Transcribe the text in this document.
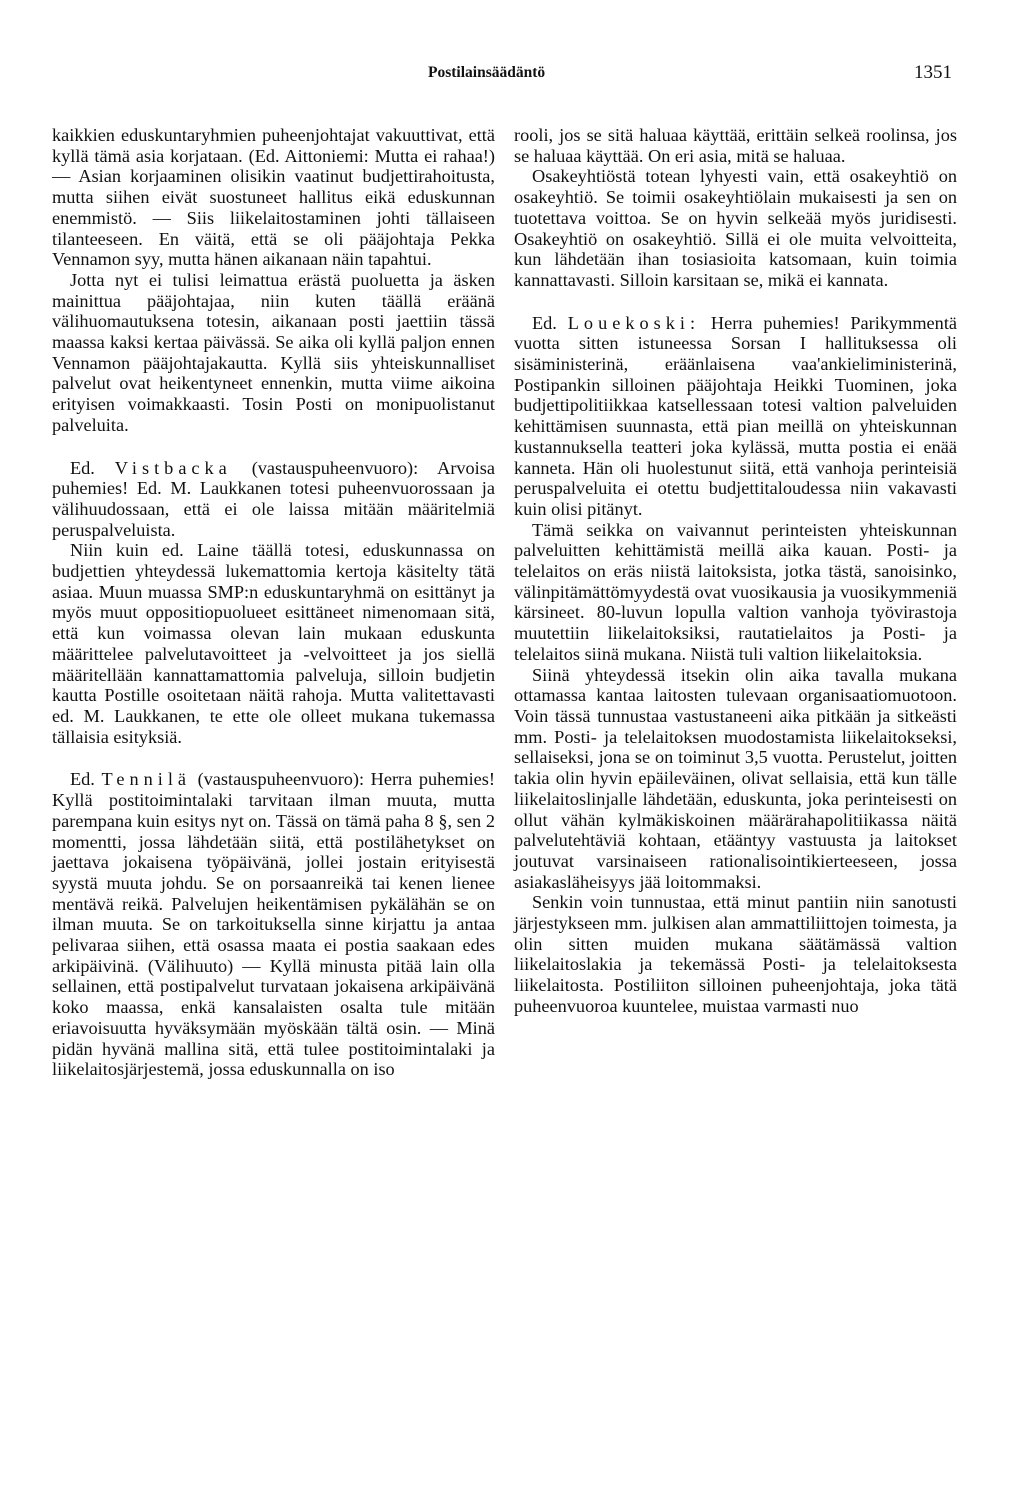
Postilainsäädäntö	1351

kaikkien eduskuntaryhmien puheenjohtajat vakuuttivat, että kyllä tämä asia korjataan. (Ed. Aittoniemi: Mutta ei rahaa!) — Asian korjaaminen olisikin vaatinut budjettirahoitusta, mutta siihen eivät suostuneet hallitus eikä eduskunnan enemmistö. — Siis liikelaitostaminen johti tällaiseen tilanteeseen. En väitä, että se oli pääjohtaja Pekka Vennamon syy, mutta hänen aikanaan näin tapahtui.

Jotta nyt ei tulisi leimattua erästä puoluetta ja äsken mainittua pääjohtajaa, niin kuten täällä eräänä välihuomautuksena totesin, aikanaan posti jaettiin tässä maassa kaksi kertaa päivässä. Se aika oli kyllä paljon ennen Vennamon pääjohtajakautta. Kyllä siis yhteiskunnalliset palvelut ovat heikentyneet ennenkin, mutta viime aikoina erityisen voimakkaasti. Tosin Posti on monipuolistanut palveluita.

Ed. Vistbacka (vastauspuheenvuoro): Arvoisa puhemies! Ed. M. Laukkanen totesi puheenvuorossaan ja välihuudossaan, että ei ole laissa mitään määritelmiä peruspalveluista.

Niin kuin ed. Laine täällä totesi, eduskunnassa on budjettien yhteydessä lukemattomia kertoja käsitelty tätä asiaa. Muun muassa SMP:n eduskuntaryhmä on esittänyt ja myös muut oppositiopuolueet esittäneet nimenomaan sitä, että kun voimassa olevan lain mukaan eduskunta määrittelee palvelutavoitteet ja -velvoitteet ja jos siellä määritellään kannattamattomia palveluja, silloin budjetin kautta Postille osoitetaan näitä rahoja. Mutta valitettavasti ed. M. Laukkanen, te ette ole olleet mukana tukemassa tällaisia esityksiä.

Ed. Tennilä (vastauspuheenvuoro): Herra puhemies! Kyllä postitoimintalaki tarvitaan ilman muuta, mutta parempana kuin esitys nyt on. Tässä on tämä paha 8 §, sen 2 momentti, jossa lähdetään siitä, että postilähetykset on jaettava jokaisena työpäivänä, jollei jostain erityisestä syystä muuta johdu. Se on porsaanreikä tai kenen lienee mentävä reikä. Palvelujen heikentämisen pykälähän se on ilman muuta. Se on tarkoituksella sinne kirjattu ja antaa pelivaraa siihen, että osassa maata ei postia saakaan edes arkipäivinä. (Välihuuto) — Kyllä minusta pitää lain olla sellainen, että postipalvelut turvataan jokaisena arkipäivänä koko maassa, enkä kansalaisten osalta tule mitään eriavoisuutta hyväksymään myöskään tältä osin. — Minä pidän hyvänä mallina sitä, että tulee postitoimintalaki ja liikelaitosjärjestemä, jossa eduskunnalla on iso

rooli, jos se sitä haluaa käyttää, erittäin selkeä roolinsa, jos se haluaa käyttää. On eri asia, mitä se haluaa.

Osakeyhtiöstä totean lyhyesti vain, että osakeyhtiö on osakeyhtiö. Se toimii osakeyhtiölain mukaisesti ja sen on tuotettava voittoa. Se on hyvin selkeää myös juridisesti. Osakeyhtiö on osakeyhtiö. Sillä ei ole muita velvoitteita, kun lähdetään ihan tosiasioita katsomaan, kuin toimia kannattavasti. Silloin karsitaan se, mikä ei kannata.

Ed. Louekoski: Herra puhemies! Parikymmentä vuotta sitten istuneessa Sorsan I hallituksessa oli sisäministerinä, eräänlaisena vaa'ankieliministerinä, Postipankin silloinen pääjohtaja Heikki Tuominen, joka budjettipolitiikkaa katsellessaan totesi valtion palveluiden kehittämisen suunnasta, että pian meillä on yhteiskunnan kustannuksella teatteri joka kylässä, mutta postia ei enää kanneta. Hän oli huolestunut siitä, että vanhoja perinteisiä peruspalveluita ei otettu budjettitaloudessa niin vakavasti kuin olisi pitänyt.

Tämä seikka on vaivannut perinteisten yhteiskunnan palveluitten kehittämistä meillä aika kauan. Posti- ja telelaitos on eräs niistä laitoksista, jotka tästä, sanoisinko, välinpitämättömyydestä ovat vuosikausia ja vuosikymmeniä kärsineet. 80-luvun lopulla valtion vanhoja työvirastoja muutettiin liikelaitoksiksi, rautatielaitos ja Posti- ja telelaitos siinä mukana. Niistä tuli valtion liikelaitoksia.

Siinä yhteydessä itsekin olin aika tavalla mukana ottamassa kantaa laitosten tulevaan organisaatiomuotoon. Voin tässä tunnustaa vastustaneeni aika pitkään ja sitkeästi mm. Posti- ja telelaitoksen muodostamista liikelaitokseksi, sellaiseksi, jona se on toiminut 3,5 vuotta. Perustelut, joitten takia olin hyvin epäileväinen, olivat sellaisia, että kun tälle liikelaitoslinjalle lähdetään, eduskunta, joka perinteisesti on ollut vähän kylmäkiskoinen määrärahapolitiikassa näitä palvelutehtäviä kohtaan, etääntyy vastuusta ja laitokset joutuvat varsinaiseen rationalisointikierteeseen, jossa asiakasläheisyys jää loitommaksi.

Senkin voin tunnustaa, että minut pantiin niin sanotusti järjestykseen mm. julkisen alan ammattiliittojen toimesta, ja olin sitten muiden mukana säätämässä valtion liikelaitoslakia ja tekemässä Posti- ja telelaitoksesta liikelaitosta. Postiliiton silloinen puheenjohtaja, joka tätä puheenvuoroa kuuntelee, muistaa varmasti nuo
